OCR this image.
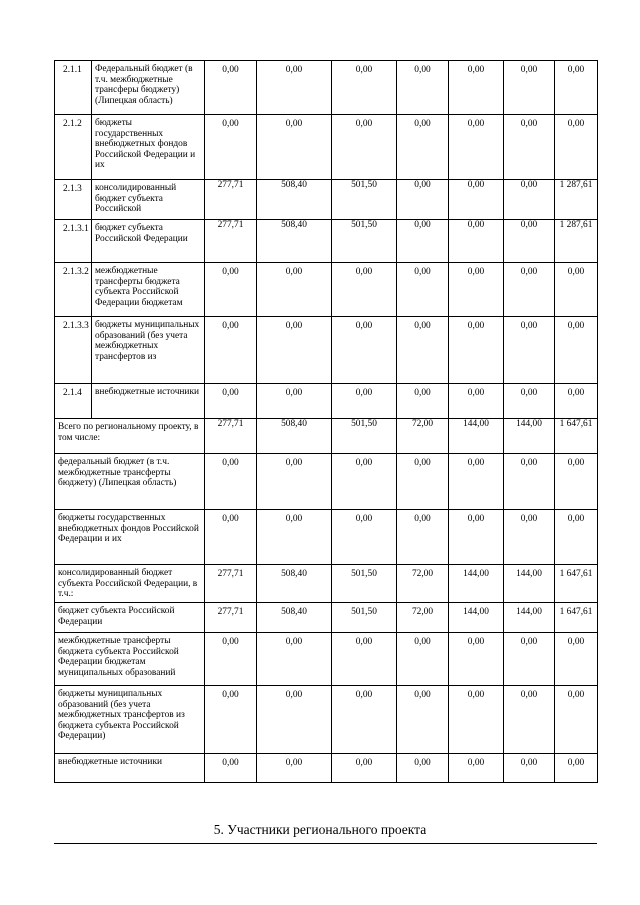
2.1.1	Федеральный бюджет (в т.ч. межбюджетные трансферы бюджету) (Липецкая область)	0,00	0,00	0,00	0,00	0,00	0,00	0,00
2.1.2	бюджеты государственных внебюджетных фондов Российской Федерации и их	0,00	0,00	0,00	0,00	0,00	0,00	0,00
2.1.3	консолидированный бюджет субъекта Российской	277,71	508,40	501,50	0,00	0,00	0,00	1 287,61
2.1.3.1	бюджет субъекта Российской Федерации	277,71	508,40	501,50	0,00	0,00	0,00	1 287,61
2.1.3.2	межбюджетные трансферты бюджета субъекта Российской Федерации бюджетам	0,00	0,00	0,00	0,00	0,00	0,00	0,00
2.1.3.3	бюджеты муниципальных образований (без учета межбюджетных трансфертов из	0,00	0,00	0,00	0,00	0,00	0,00	0,00
2.1.4	внебюджетные источники	0,00	0,00	0,00	0,00	0,00	0,00	0,00
Всего по региональному проекту, в том числе:		277,71	508,40	501,50	72,00	144,00	144,00	1 647,61
федеральный бюджет (в т.ч. межбюджетные трансферты бюджету) (Липецкая область)		0,00	0,00	0,00	0,00	0,00	0,00	0,00
бюджеты государственных внебюджетных фондов Российской Федерации и их		0,00	0,00	0,00	0,00	0,00	0,00	0,00
консолидированный бюджет субъекта Российской Федерации, в т.ч.:		277,71	508,40	501,50	72,00	144,00	144,00	1 647,61
бюджет субъекта Российской Федерации		277,71	508,40	501,50	72,00	144,00	144,00	1 647,61
межбюджетные трансферты бюджета субъекта Российской Федерации бюджетам муниципальных образований		0,00	0,00	0,00	0,00	0,00	0,00	0,00
бюджеты муниципальных образований (без учета межбюджетных трансфертов из бюджета субъекта Российской Федерации)		0,00	0,00	0,00	0,00	0,00	0,00	0,00
внебюджетные источники		0,00	0,00	0,00	0,00	0,00	0,00	0,00
5. Участники регионального проекта
